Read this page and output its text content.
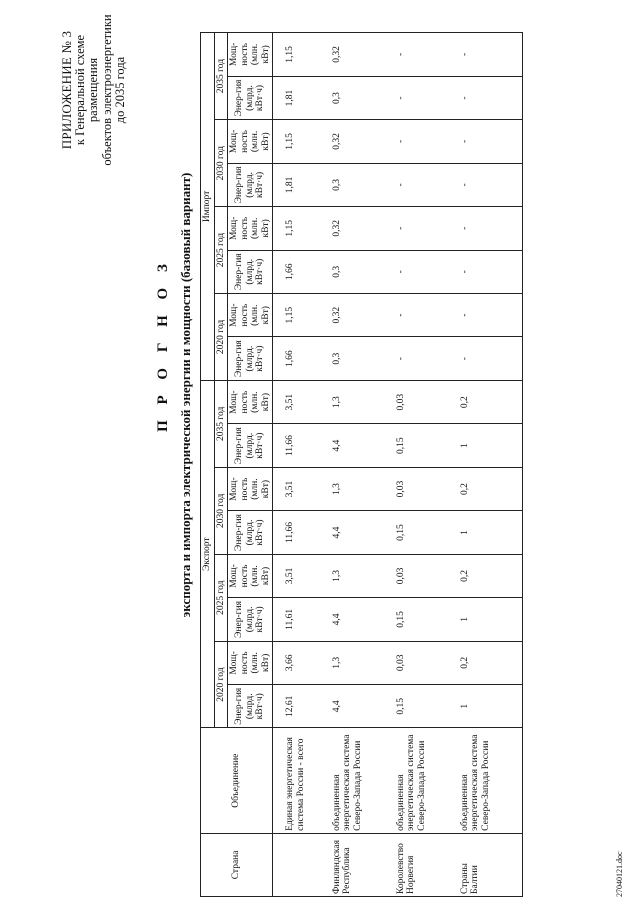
ПРИЛОЖЕНИЕ № 3
к Генеральной схеме размещения объектов электроэнергетики до 2035 года
П Р О Г Н О З экспорта и импорта электрической энергии и мощности (базовый вариант)
Страна	Объединение	Экспорт								Импорт							
		2020 год		2025 год		2030 год		2035 год		2020 год		2025 год		2030 год		2035 год	
		Энер-гия (млрд. кВт·ч)	Мощ-ность (млн. кВт)	Энер-гия (млрд. кВт·ч)	Мощ-ность (млн. кВт)	Энер-гия (млрд. кВт·ч)	Мощ-ность (млн. кВт)	Энер-гия (млрд. кВт·ч)	Мощ-ность (млн. кВт)	Энер-гия (млрд. кВт·ч)	Мощ-ность (млн. кВт)	Энер-гия (млрд. кВт·ч)	Мощ-ность (млн. кВт)	Энер-гия (млрд. кВт·ч)	Мощ-ность (млн. кВт)	Энер-гия (млрд. кВт·ч)	Мощ-ность (млн. кВт)
	Единая энергетическая система России - всего	12,61	3,66	11,61	3,51	11,66	3,51	11,66	3,51	1,66	1,15	1,66	1,15	1,81	1,15	1,81	1,15
Финляндская Республика	объединенная энергетическая система Северо-Запада России	4,4	1,3	4,4	1,3	4,4	1,3	4,4	1,3	0,3	0,32	0,3	0,32	0,3	0,32	0,3	0,32
Королевство Норвегия	объединенная энергетическая система Северо-Запада России	0,15	0,03	0,15	0,03	0,15	0,03	0,15	0,03	-	-	-	-	-	-	-	-
Страны Балтии	объединенная энергетическая система Северо-Запада России	1	0,2	1	0,2	1	0,2	1	0,2	-	-	-	-	-	-	-	-
27040121.doc
